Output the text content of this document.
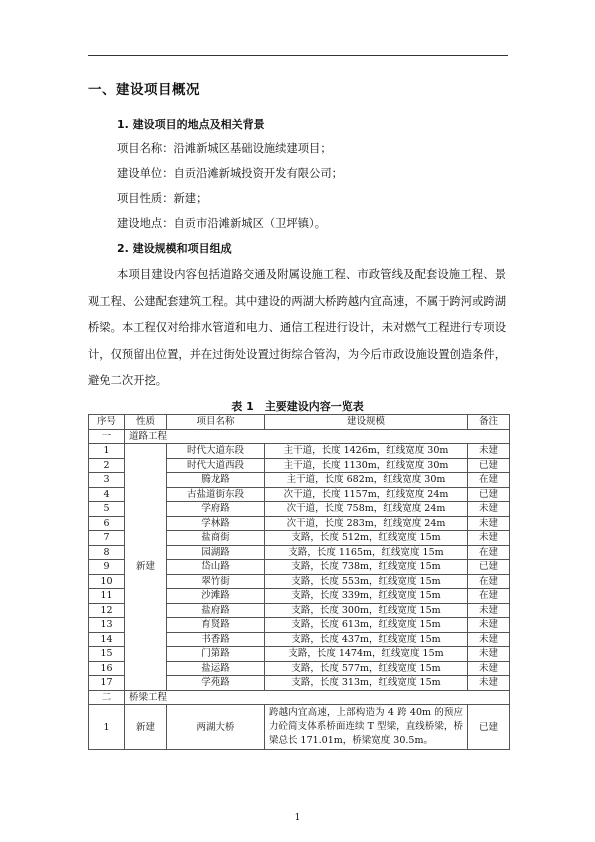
一、建设项目概况
1. 建设项目的地点及相关背景
项目名称：沿滩新城区基础设施续建项目；
建设单位：自贡沿滩新城投资开发有限公司；
项目性质：新建；
建设地点：自贡市沿滩新城区（卫坪镇）。
2. 建设规模和项目组成
本项目建设内容包括道路交通及附属设施工程、市政管线及配套设施工程、景观工程、公建配套建筑工程。其中建设的两湖大桥跨越内宜高速，不属于跨河或跨湖桥梁。本工程仅对给排水管道和电力、通信工程进行设计，未对燃气工程进行专项设计，仅预留出位置，并在过街处设置过街综合管沟，为今后市政设施设置创造条件，避免二次开挖。
表 1　主要建设内容一览表
序号	性质	项目名称	建设规模	备注
一	道路工程			
1	新建	时代大道东段	主干道，长度 1426m，红线宽度 30m	未建
2		时代大道西段	主干道，长度 1130m，红线宽度 30m	已建
3		腾龙路	主干道，长度 682m，红线宽度 30m	在建
4		古盐道街东段	次干道，长度 1157m，红线宽度 24m	已建
5		学府路	次干道，长度 758m，红线宽度 24m	未建
6		学林路	次干道，长度 283m，红线宽度 24m	未建
7		盐商街	支路，长度 512m，红线宽度 15m	未建
8		园湖路	支路，长度 1165m，红线宽度 15m	在建
9		岱山路	支路，长度 738m，红线宽度 15m	已建
10		翠竹街	支路，长度 553m，红线宽度 15m	在建
11		沙滩路	支路，长度 339m，红线宽度 15m	在建
12		盐府路	支路，长度 300m，红线宽度 15m	未建
13		育贤路	支路，长度 613m，红线宽度 15m	未建
14		书香路	支路，长度 437m，红线宽度 15m	未建
15		门第路	支路，长度 1474m，红线宽度 15m	未建
16		盐运路	支路，长度 577m，红线宽度 15m	未建
17		学苑路	支路，长度 313m，红线宽度 15m	未建
二	桥梁工程			
1	新建	两湖大桥	跨越内宜高速，上部构造为 4 跨 40m 的预应力砼简支体系桥面连续 T 型梁，直线桥梁，桥梁总长 171.01m，桥梁宽度 30.5m。	已建
1
